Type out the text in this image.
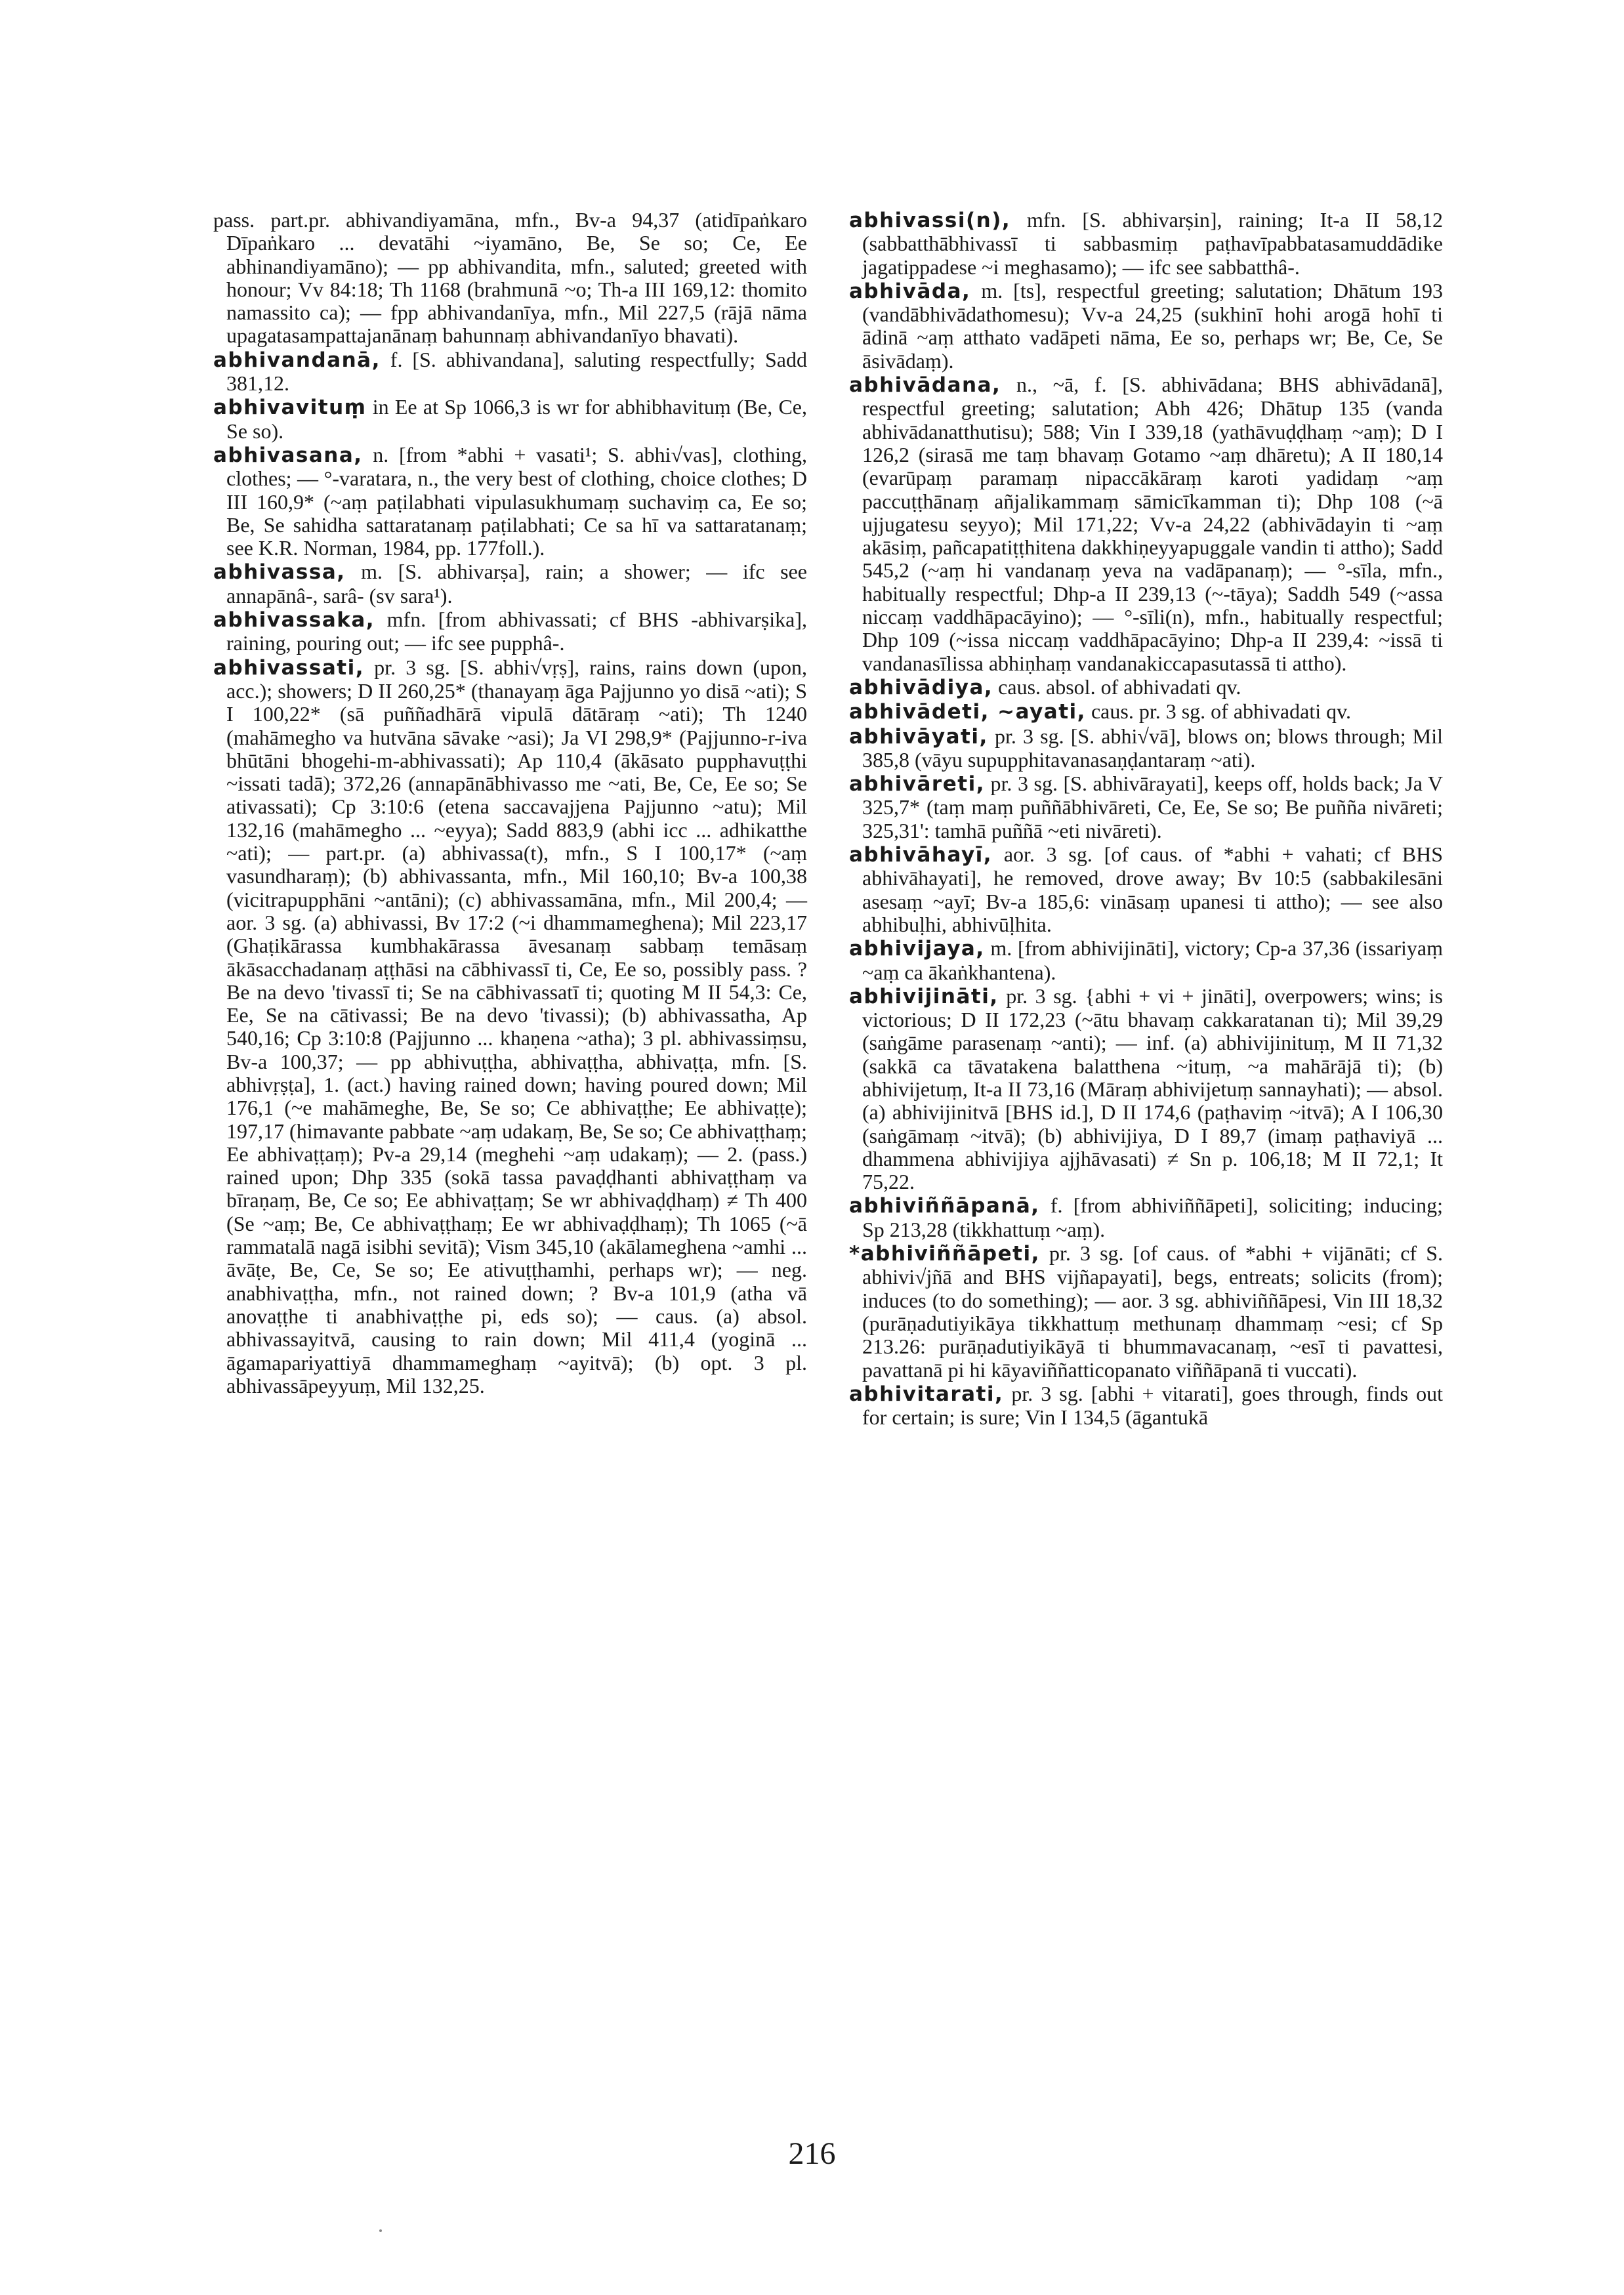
pass. part.pr. abhivandiyamāna, mfn., Bv-a 94,37 (atidīpaṅkaro Dīpaṅkaro ... devatāhi ~iyamāno, Be, Se so; Ce, Ee abhinandiyamāno); — pp abhivandita, mfn., saluted; greeted with honour; Vv 84:18; Th 1168 (brahmunā ~o; Th-a III 169,12: thomito namassito ca); — fpp abhivandanīya, mfn., Mil 227,5 (rājā nāma upagatasampattajanānaṃ bahunnaṃ abhivandanīyo bhavati).

abhivandanā, f. [S. abhivandana], saluting respectfully; Sadd 381,12.

abhivavituṃ in Ee at Sp 1066,3 is wr for abhibhavituṃ (Be, Ce, Se so).

abhivasana, n. [from *abhi + vasati¹; S. abhi√vas], clothing, clothes; — °-varatara, n., the very best of clothing, choice clothes; D III 160,9* (~aṃ paṭilabhati vipulasukhumaṃ suchaviṃ ca, Ee so; Be, Se sahidha sattaratanaṃ paṭilabhati; Ce sa hī va sattaratanaṃ; see K.R. Norman, 1984, pp. 177foll.).

abhivassa, m. [S. abhivarṣa], rain; a shower; — ifc see annapānâ-, sarâ- (sv sara¹).

abhivassaka, mfn. [from abhivassati; cf BHS -abhivarṣika], raining, pouring out; — ifc see pupphâ-.

abhivassati, pr. 3 sg. [S. abhi√vṛṣ], rains, rains down (upon, acc.); showers; D II 260,25* (thanayaṃ āga Pajjunno yo disā ~ati); S I 100,22* (sā puññadhārā vipulā dātāraṃ ~ati); Th 1240 (mahāmegho va hutvāna sāvake ~asi); Ja VI 298,9* (Pajjunno-r-iva bhūtāni bhogehi-m-abhivassati); Ap 110,4 (ākāsato pupphavuṭṭhi ~issati tadā); 372,26 (annapānābhivasso me ~ati, Be, Ce, Ee so; Se ativassati); Cp 3:10:6 (etena saccavajjena Pajjunno ~atu); Mil 132,16 (mahāmegho ... ~eyya); Sadd 883,9 (abhi icc ... adhikatthe ~ati); — part.pr. (a) abhivassa(t), mfn., S I 100,17* (~aṃ vasundharaṃ); (b) abhivassanta, mfn., Mil 160,10; Bv-a 100,38 (vicitrapupphāni ~antāni); (c) abhivassamāna, mfn., Mil 200,4; — aor. 3 sg. (a) abhivassi, Bv 17:2 (~i dhammameghena); Mil 223,17 (Ghaṭikārassa kumbhakārassa āvesanaṃ sabbaṃ temāsaṃ ākāsacchadanaṃ aṭṭhāsi na cābhivassī ti, Ce, Ee so, possibly pass. ? Be na devo 'tivassī ti; Se na cābhivassatī ti; quoting M II 54,3: Ce, Ee, Se na cātivassi; Be na devo 'tivassi); (b) abhivassatha, Ap 540,16; Cp 3:10:8 (Pajjunno ... khaṇena ~atha); 3 pl. abhivassiṃsu, Bv-a 100,37; — pp abhivuṭṭha, abhivaṭṭha, abhivaṭṭa, mfn. [S. abhivṛṣṭa], 1. (act.) having rained down; having poured down; Mil 176,1 (~e mahāmeghe, Be, Se so; Ce abhivaṭṭhe; Ee abhivaṭṭe); 197,17 (himavante pabbate ~aṃ udakaṃ, Be, Se so; Ce abhivaṭṭhaṃ; Ee abhivaṭṭaṃ); Pv-a 29,14 (meghehi ~aṃ udakaṃ); — 2. (pass.) rained upon; Dhp 335 (sokā tassa pavaḍḍhanti abhivaṭṭhaṃ va bīraṇaṃ, Be, Ce so; Ee abhivaṭṭaṃ; Se wr abhivaḍḍhaṃ) ≠ Th 400 (Se ~aṃ; Be, Ce abhivaṭṭhaṃ; Ee wr abhivaḍḍhaṃ); Th 1065 (~ā rammatalā nagā isibhi sevitā); Vism 345,10 (akālameghena ~amhi ... āvāṭe, Be, Ce, Se so; Ee ativuṭṭhamhi, perhaps wr); — neg. anabhivaṭṭha, mfn., not rained down; ? Bv-a 101,9 (atha vā anovaṭṭhe ti anabhivaṭṭhe pi, eds so); — caus. (a) absol. abhivassayitvā, causing to rain down; Mil 411,4 (yoginā ... āgamapariyattiyā dhammameghaṃ ~ayitvā); (b) opt. 3 pl. abhivassāpeyyuṃ, Mil 132,25.

abhivassi(n), mfn. [S. abhivarṣin], raining; It-a II 58,12 (sabbatthābhivassī ti sabbasmiṃ paṭhavīpabbatasamuddādike jagatippadese ~i meghasamo); — ifc see sabbatthâ-.

abhivāda, m. [ts], respectful greeting; salutation; Dhātum 193 (vandābhivādathomesu); Vv-a 24,25 (sukhinī hohi arogā hohī ti ādinā ~aṃ atthato vadāpeti nāma, Ee so, perhaps wr; Be, Ce, Se āsivādaṃ).

abhivādana, n., ~ā, f. [S. abhivādana; BHS abhivādanā], respectful greeting; salutation; Abh 426; Dhātup 135 (vanda abhivādanatthutisu); 588; Vin I 339,18 (yathāvuḍḍhaṃ ~aṃ); D I 126,2 (sirasā me taṃ bhavaṃ Gotamo ~aṃ dhāretu); A II 180,14 (evarūpaṃ paramaṃ nipaccākāraṃ karoti yadidaṃ ~aṃ paccuṭṭhānaṃ añjalikammaṃ sāmicīkamman ti); Dhp 108 (~ā ujjugatesu seyyo); Mil 171,22; Vv-a 24,22 (abhivādayin ti ~aṃ akāsiṃ, pañcapatiṭṭhitena dakkhiṇeyyapuggale vandin ti attho); Sadd 545,2 (~aṃ hi vandanaṃ yeva na vadāpanaṃ); — °-sīla, mfn., habitually respectful; Dhp-a II 239,13 (~-tāya); Saddh 549 (~assa niccaṃ vaddhāpacāyino); — °-sīli(n), mfn., habitually respectful; Dhp 109 (~issa niccaṃ vaddhāpacāyino; Dhp-a II 239,4: ~issā ti vandanasīlissa abhiṇhaṃ vandanakiccapasutassā ti attho).

abhivādiya, caus. absol. of abhivadati qv.

abhivādeti, ~ayati, caus. pr. 3 sg. of abhivadati qv.

abhivāyati, pr. 3 sg. [S. abhi√vā], blows on; blows through; Mil 385,8 (vāyu supupphitavanasaṇḍantaraṃ ~ati).

abhivāreti, pr. 3 sg. [S. abhivārayati], keeps off, holds back; Ja V 325,7* (taṃ maṃ puññābhivāreti, Ce, Ee, Se so; Be puñña nivāreti; 325,31': tamhā puññā ~eti nivāreti).

abhivāhayī, aor. 3 sg. [of caus. of *abhi + vahati; cf BHS abhivāhayati], he removed, drove away; Bv 10:5 (sabbakilesāni asesaṃ ~ayī; Bv-a 185,6: vināsaṃ upanesi ti attho); — see also abhibuḷhi, abhivūḷhita.

abhivijaya, m. [from abhivijināti], victory; Cp-a 37,36 (issariyaṃ ~aṃ ca ākaṅkhantena).

abhivijināti, pr. 3 sg. {abhi + vi + jināti], overpowers; wins; is victorious; D II 172,23 (~ātu bhavaṃ cakkaratanan ti); Mil 39,29 (saṅgāme parasenaṃ ~anti); — inf. (a) abhivijinituṃ, M II 71,32 (sakkā ca tāvatakena balatthena ~ituṃ, ~a mahārājā ti); (b) abhivijetuṃ, It-a II 73,16 (Māraṃ abhivijetuṃ sannayhati); — absol. (a) abhivijinitvā [BHS id.], D II 174,6 (paṭhaviṃ ~itvā); A I 106,30 (saṅgāmaṃ ~itvā); (b) abhivijiya, D I 89,7 (imaṃ paṭhaviyā ... dhammena abhivijiya ajjhāvasati) ≠ Sn p. 106,18; M II 72,1; It 75,22.

abhiviññāpanā, f. [from abhiviññāpeti], soliciting; inducing; Sp 213,28 (tikkhattuṃ ~aṃ).

*abhiviññāpeti, pr. 3 sg. [of caus. of *abhi + vijānāti; cf S. abhivi√jñā and BHS vijñapayati], begs, entreats; solicits (from); induces (to do something); — aor. 3 sg. abhiviññāpesi, Vin III 18,32 (purāṇadutiyikāya tikkhattuṃ methunaṃ dhammaṃ ~esi; cf Sp 213.26: purāṇadutiyikāyā ti bhummavacanaṃ, ~esī ti pavattesi, pavattanā pi hi kāyaviññatticopanato viññāpanā ti vuccati).

abhivitarati, pr. 3 sg. [abhi + vitarati], goes through, finds out for certain; is sure; Vin I 134,5 (āgantukā

216
